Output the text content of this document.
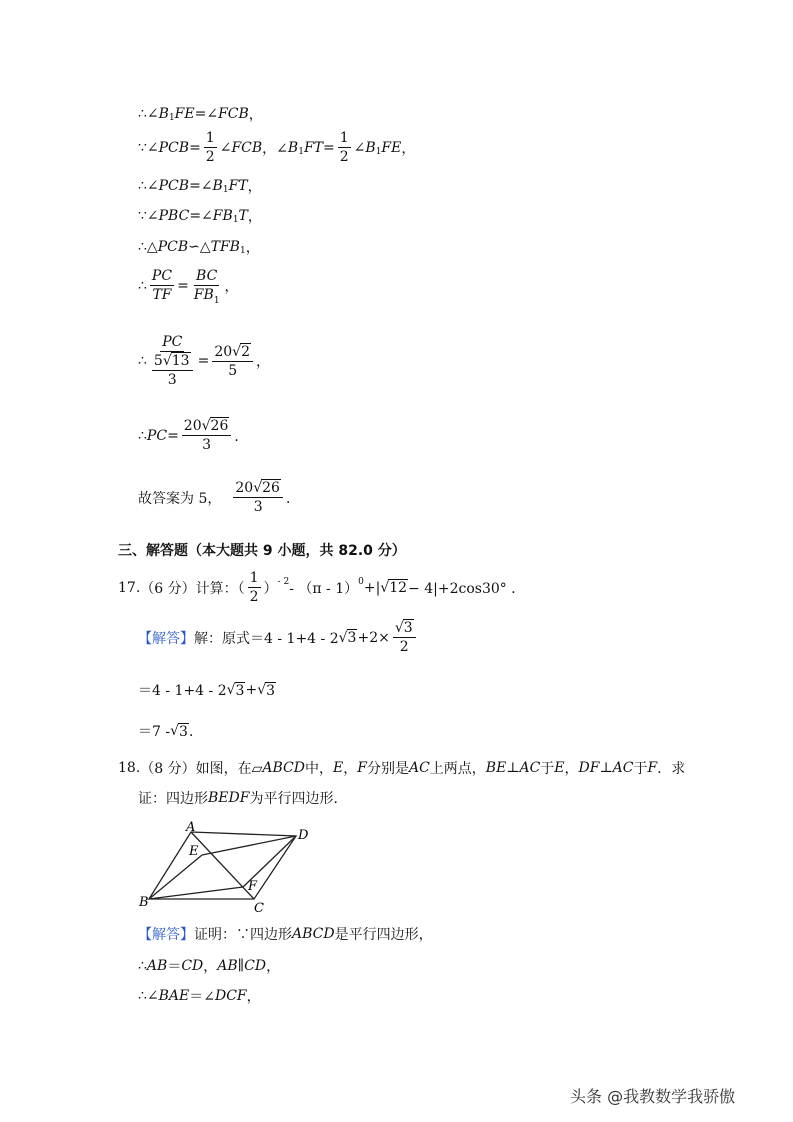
∴∠ B 1 FE =∠ FCB ，
∵∠ PCB = $\frac{1}{2}$ ∠ FCB ，∠ B 1 FT = $\frac{1}{2}$ ∠ B 1 FE ，
∴∠ PCB =∠ B 1 FT ，
∵∠ PBC =∠ FB 1 T ，
∴△ PCB ∽△ TFB 1 ，
∴ $\frac{PC}{TF} = \frac{BC}{FB_1}$ ，
∴ $\frac{PC}{\frac{5√13}{3}} = \frac{20√2}{5}$ ，
∴ PC = $\frac{20√26}{3}$ ．
故答案为 5， $\frac{20√26}{3}$ ．
三、解答题（本大题共 9 小题，共 82.0 分）
17. （6 分）计算：（ $\frac{1}{2}$ ） - 2 - （π - 1） 0 +| √ 12 − 4|+2cos30° ．
【解答】 解：原式＝4 - 1+4 - 2 √ $3 +2\times \frac{√3}{2}$
＝4 - 1+4 - 2 √ 3 + √ 3
＝7 - √ 3 ．
18. （8 分）如图，在▱ ABCD 中， E ， F 分别是 AC 上两点， BE ⊥ AC 于 E ， DF ⊥ AC 于 F ．求
证：四边形 BEDF 为平行四边形．
A
B	C
D
E
F
【解答】 证明：∵四边形 ABCD 是平行四边形，
∴ AB ＝ CD ， AB ∥ CD ，
∴∠ BAE ＝∠ DCF ，
头条 @我教数学我骄傲
